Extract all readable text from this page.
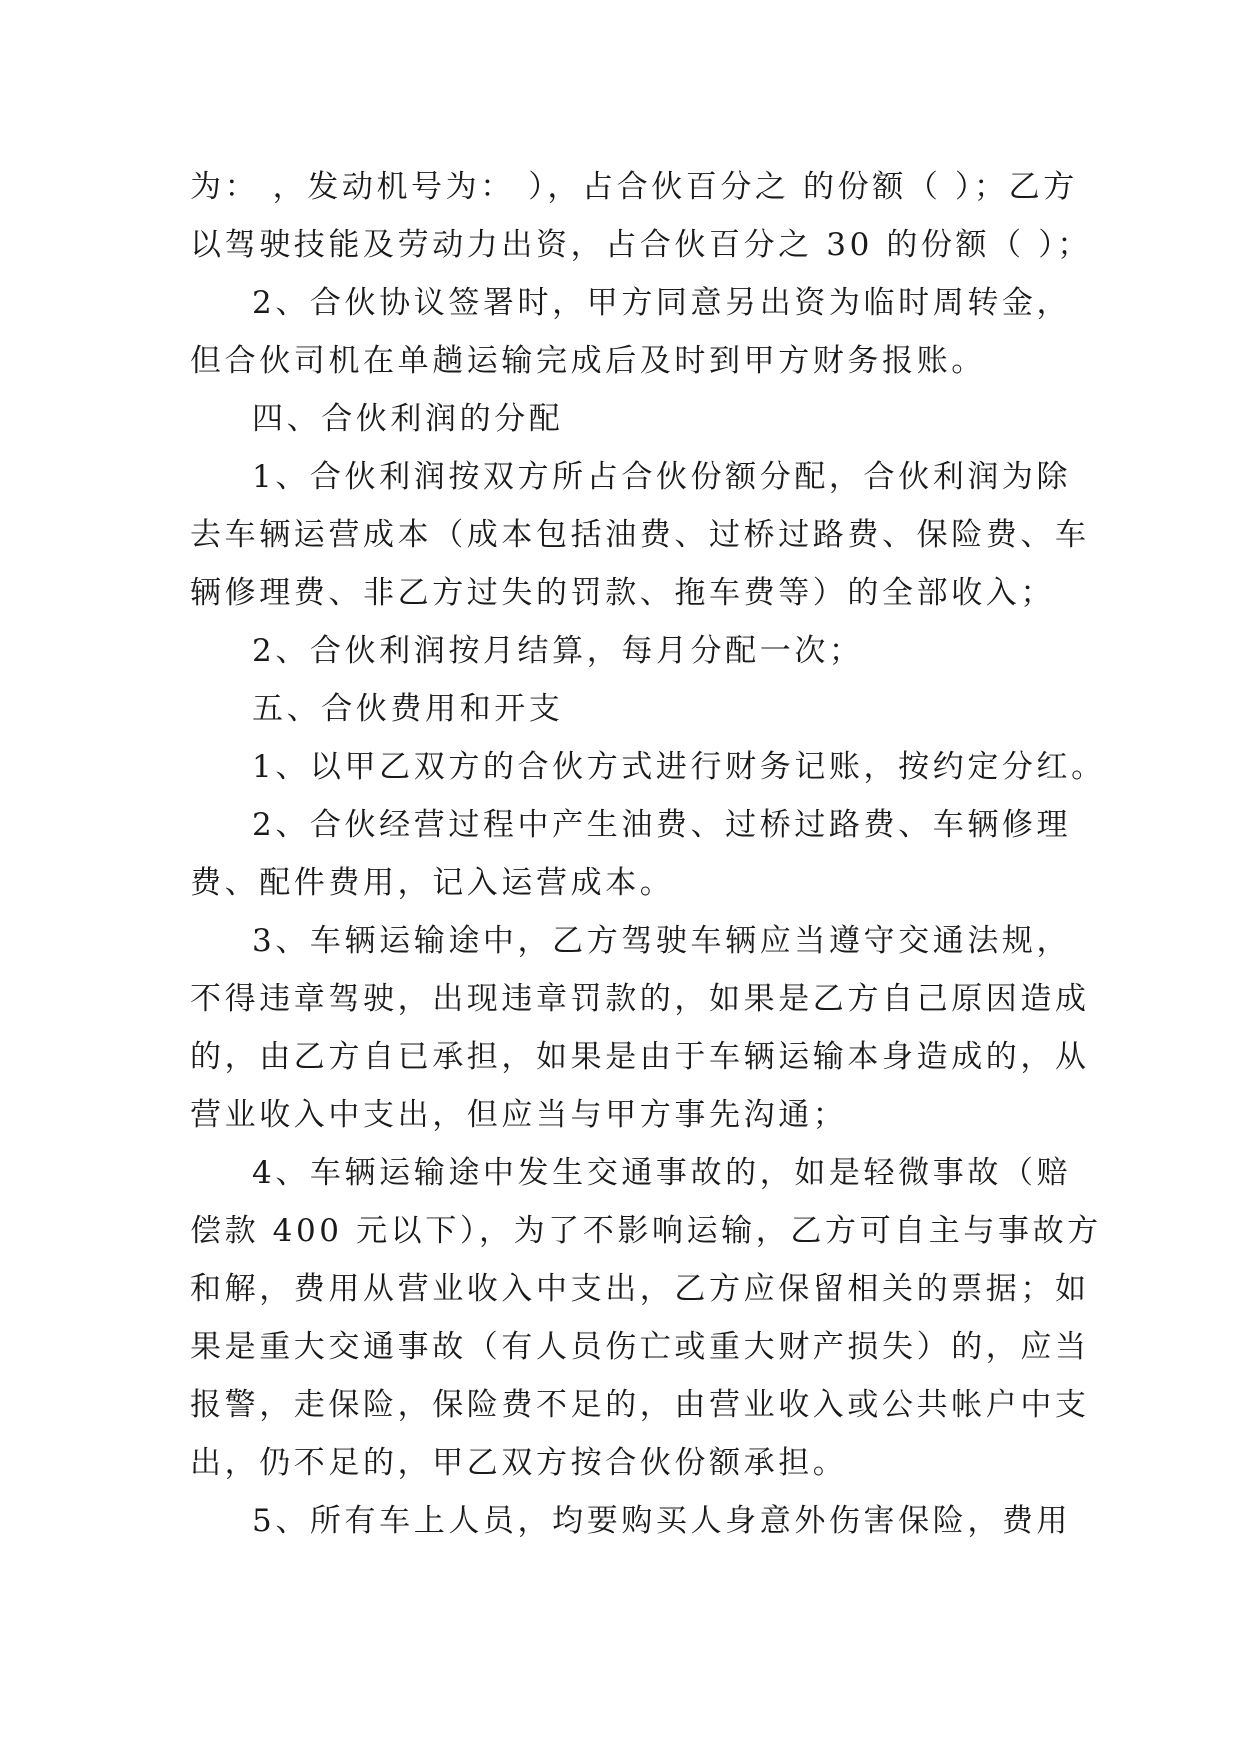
为： ，发动机号为： ），占合伙百分之 的份额（ ）；乙方
以驾驶技能及劳动力出资，占合伙百分之 30 的份额（ ）；
2、合伙协议签署时，甲方同意另出资为临时周转金，
但合伙司机在单趟运输完成后及时到甲方财务报账。
四、合伙利润的分配
1、合伙利润按双方所占合伙份额分配，合伙利润为除
去车辆运营成本（成本包括油费、过桥过路费、保险费、车
辆修理费、非乙方过失的罚款、拖车费等）的全部收入；
2、合伙利润按月结算，每月分配一次；
五、合伙费用和开支
1、以甲乙双方的合伙方式进行财务记账，按约定分红。
2、合伙经营过程中产生油费、过桥过路费、车辆修理
费、配件费用，记入运营成本。
3、车辆运输途中，乙方驾驶车辆应当遵守交通法规，
不得违章驾驶，出现违章罚款的，如果是乙方自己原因造成
的，由乙方自已承担，如果是由于车辆运输本身造成的，从
营业收入中支出，但应当与甲方事先沟通；
4、车辆运输途中发生交通事故的，如是轻微事故（赔
偿款 400 元以下），为了不影响运输，乙方可自主与事故方
和解，费用从营业收入中支出，乙方应保留相关的票据；如
果是重大交通事故（有人员伤亡或重大财产损失）的，应当
报警，走保险，保险费不足的，由营业收入或公共帐户中支
出，仍不足的，甲乙双方按合伙份额承担。
5、所有车上人员，均要购买人身意外伤害保险，费用
